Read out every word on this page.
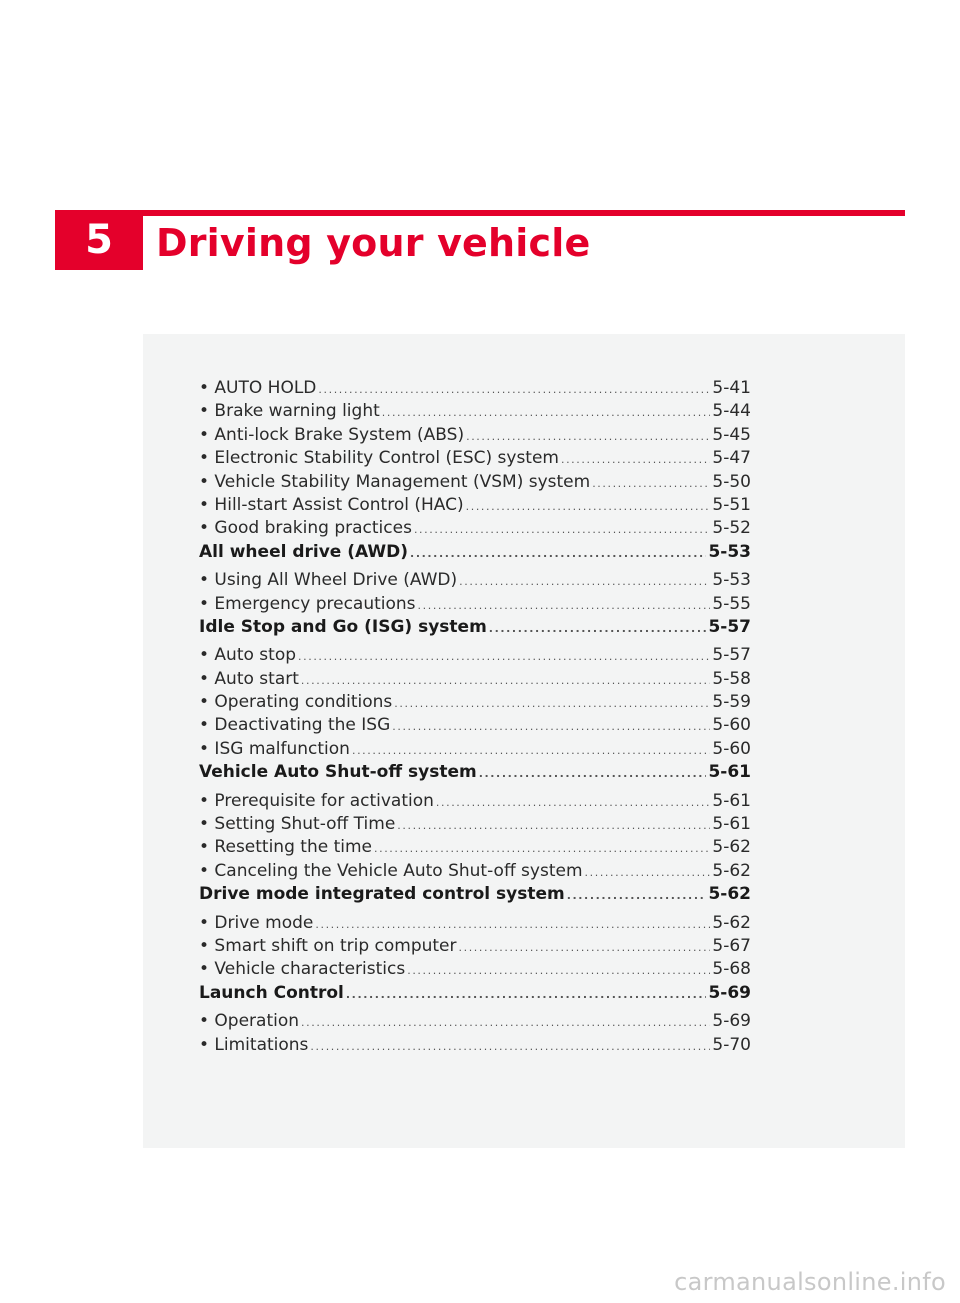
5	Driving your vehicle
• AUTO HOLD .....	5-41
• Brake warning light .....	5-44
• Anti-lock Brake System (ABS) .....	5-45
• Electronic Stability Control (ESC) system .....	5-47
• Vehicle Stability Management (VSM) system .....	5-50
• Hill-start Assist Control (HAC) .....	5-51
• Good braking practices .....	5-52
All wheel drive (AWD) .....	5-53
• Using All Wheel Drive (AWD) .....	5-53
• Emergency precautions .....	5-55
Idle Stop and Go (ISG) system .....	5-57
• Auto stop .....	5-57
• Auto start .....	5-58
• Operating conditions .....	5-59
• Deactivating the ISG .....	5-60
• ISG malfunction .....	5-60
Vehicle Auto Shut-off system .....	5-61
• Prerequisite for activation .....	5-61
• Setting Shut-off Time .....	5-61
• Resetting the time .....	5-62
• Canceling the Vehicle Auto Shut-off system .....	5-62
Drive mode integrated control system .....	5-62
• Drive mode .....	5-62
• Smart shift on trip computer .....	5-67
• Vehicle characteristics .....	5-68
Launch Control .....	5-69
• Operation .....	5-69
• Limitations .....	5-70
carmanualsonline.info
